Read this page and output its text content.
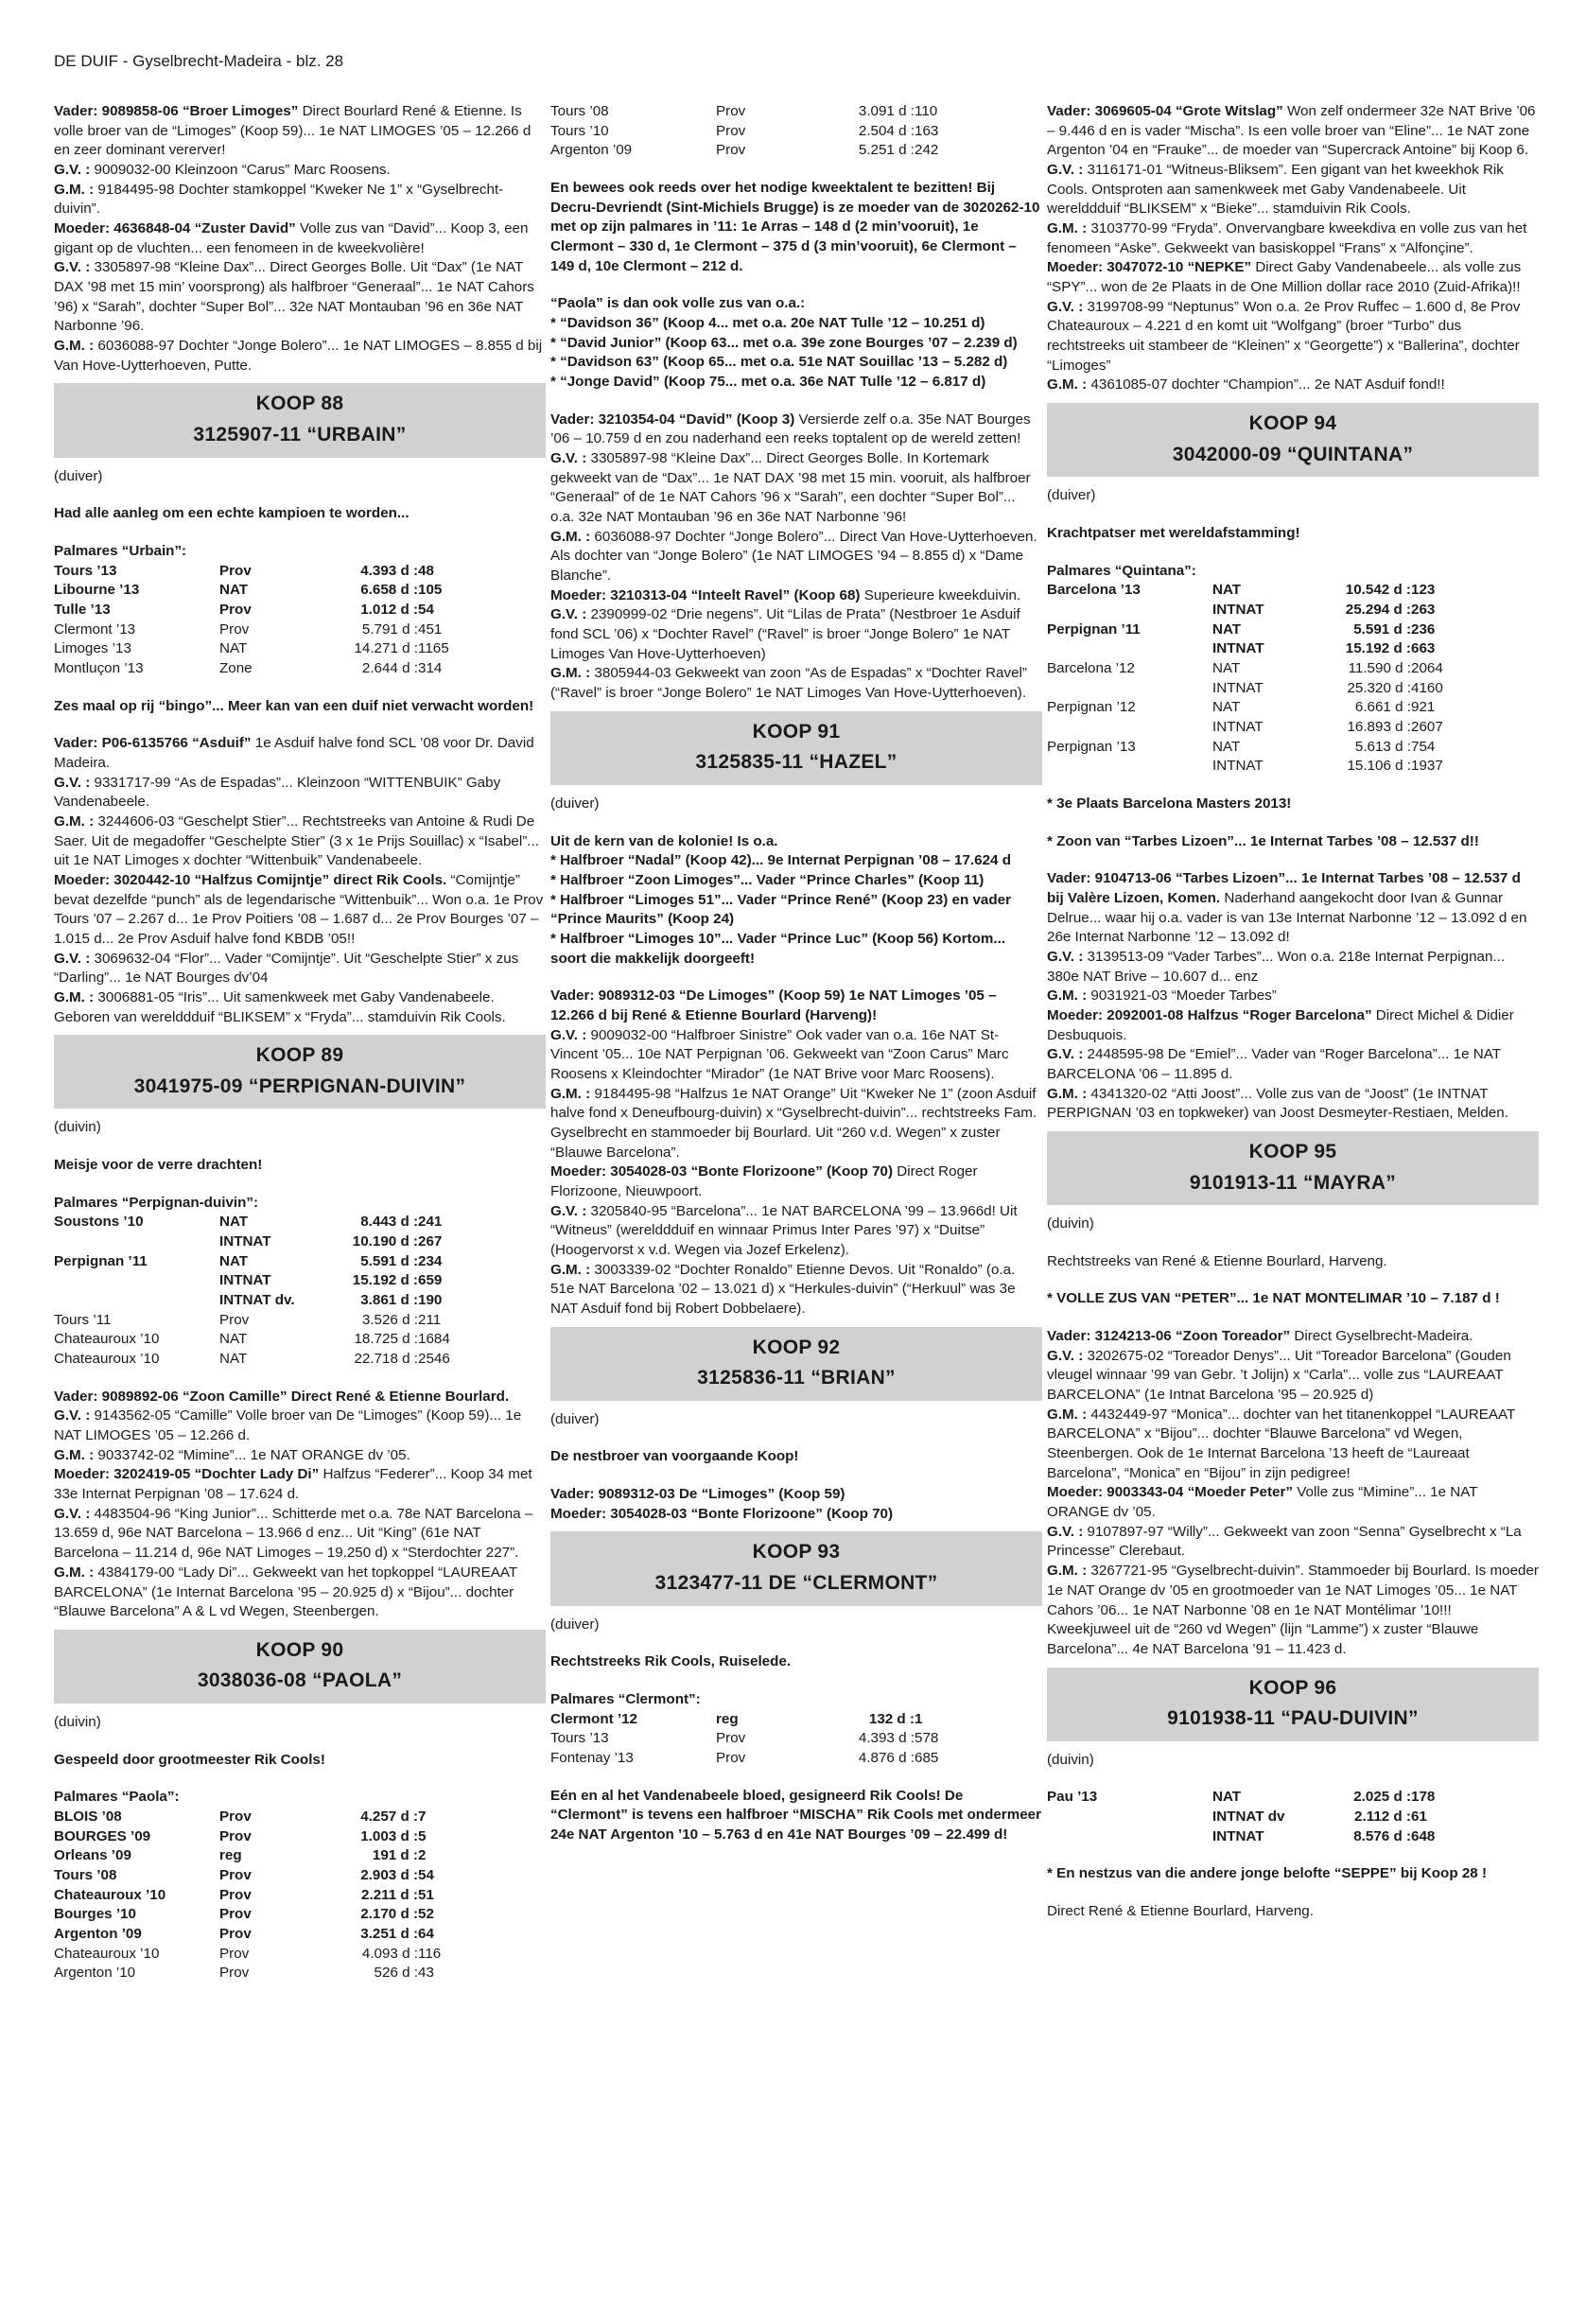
DE DUIF - Gyselbrecht-Madeira - blz. 28

Vader: 9089858-06 “Broer Limoges” Direct Bourlard René & Etienne. Is volle broer van de “Limoges” (Koop 59)... 1e NAT LIMOGES ’05 – 12.266 d en zeer dominant vererver!

G.V. : 9009032-00 Kleinzoon “Carus” Marc Roosens.

G.M. : 9184495-98 Dochter stamkoppel “Kweker Ne 1” x “Gyselbrecht-duivin”.

Moeder: 4636848-04 “Zuster David” Volle zus van “David”... Koop 3, een gigant op de vluchten... een fenomeen in de kweekvolière!

G.V. : 3305897-98 “Kleine Dax”... Direct Georges Bolle. Uit “Dax” (1e NAT DAX ’98 met 15 min’ voorsprong) als halfbroer “Generaal”... 1e NAT Cahors ’96) x “Sarah”, dochter “Super Bol”... 32e NAT Montauban ’96 en 36e NAT Narbonne ’96.

G.M. : 6036088-97 Dochter “Jonge Bolero”... 1e NAT LIMOGES – 8.855 d bij Van Hove-Uytterhoeven, Putte.

KOOP 88
3125907-11 “URBAIN”

(duiver)

Had alle aanleg om een echte kampioen te worden...

Palmares “Urbain”:

Tours ’13	Prov	4.393 d :	48
Libourne ’13	NAT	6.658 d :	105
Tulle ’13	Prov	1.012 d :	54
Clermont ’13	Prov	5.791 d :	451
Limoges ’13	NAT	14.271 d :	1165
Montluçon ’13	Zone	2.644 d :	314

Zes maal op rij “bingo”... Meer kan van een duif niet verwacht worden!

Vader: P06-6135766 “Asduif” 1e Asduif halve fond SCL ’08 voor Dr. David Madeira.

G.V. : 9331717-99 “As de Espadas”... Kleinzoon “WITTENBUIK” Gaby Vandenabeele.

G.M. : 3244606-03 “Geschelpt Stier”... Rechtstreeks van Antoine & Rudi De Saer. Uit de megadoffer “Geschelpte Stier” (3 x 1e Prijs Souillac) x “Isabel”... uit 1e NAT Limoges x dochter “Wittenbuik” Vandenabeele.

Moeder: 3020442-10 “Halfzus Comijntje” direct Rik Cools. “Comijntje” bevat dezelfde “punch” als de legendarische “Wittenbuik”... Won o.a. 1e Prov Tours ’07 – 2.267 d... 1e Prov Poitiers ’08 – 1.687 d... 2e Prov Bourges ’07 – 1.015 d... 2e Prov Asduif halve fond KBDB ’05!!

G.V. : 3069632-04 “Flor”... Vader “Comijntje”. Uit “Geschelpte Stier” x zus “Darling”... 1e NAT Bourges dv’04

G.M. : 3006881-05 “Iris”... Uit samenkweek met Gaby Vandenabeele. Geboren van werelddduif “BLIKSEM” x “Fryda”... stamduivin Rik Cools.

KOOP 89
3041975-09 “PERPIGNAN-DUIVIN”

(duivin)

Meisje voor de verre drachten!

Palmares “Perpignan-duivin”:

Soustons ’10	NAT	8.443 d :	241
	INTNAT	10.190 d :	267
Perpignan ’11	NAT	5.591 d :	234
	INTNAT	15.192 d :	659
	INTNAT dv.	3.861 d :	190
Tours ’11	Prov	3.526 d :	211
Chateauroux ’10	NAT	18.725 d :	1684
Chateauroux ’10	NAT	22.718 d :	2546

Vader: 9089892-06 “Zoon Camille” Direct René & Etienne Bourlard.

G.V. : 9143562-05 “Camille” Volle broer van De “Limoges” (Koop 59)... 1e NAT LIMOGES ’05 – 12.266 d.

G.M. : 9033742-02 “Mimine”... 1e NAT ORANGE dv ’05.

Moeder: 3202419-05 “Dochter Lady Di” Halfzus “Federer”... Koop 34 met 33e Internat Perpignan ’08 – 17.624 d.

G.V. : 4483504-96 “King Junior”... Schitterde met o.a. 78e NAT Barcelona – 13.659 d, 96e NAT Barcelona – 13.966 d enz... Uit “King” (61e NAT Barcelona – 11.214 d, 96e NAT Limoges – 19.250 d) x “Sterdochter 227”.

G.M. : 4384179-00 “Lady Di”... Gekweekt van het topkoppel “LAUREAAT BARCELONA” (1e Internat Barcelona ’95 – 20.925 d) x “Bijou”... dochter “Blauwe Barcelona” A & L vd Wegen, Steenbergen.

KOOP 90
3038036-08 “PAOLA”

(duivin)

Gespeeld door grootmeester Rik Cools!

Palmares “Paola”:

BLOIS ’08	Prov	4.257 d :	7
BOURGES ’09	Prov	1.003 d :	5
Orleans ’09	reg	191 d :	2
Tours ’08	Prov	2.903 d :	54
Chateauroux ’10	Prov	2.211 d :	51
Bourges ’10	Prov	2.170 d :	52
Argenton ’09	Prov	3.251 d :	64
Chateauroux ’10	Prov	4.093 d :	116
Argenton ’10	Prov	526 d :	43
Tours ’08	Prov	3.091 d :	110
Tours ’10	Prov	2.504 d :	163
Argenton ’09	Prov	5.251 d :	242

En bewees ook reeds over het nodige kweektalent te bezitten! Bij Decru-Devriendt (Sint-Michiels Brugge) is ze moeder van de 3020262-10 met op zijn palmares in ’11: 1e Arras – 148 d (2 min’vooruit), 1e Clermont – 330 d, 1e Clermont – 375 d (3 min’vooruit), 6e Clermont – 149 d, 10e Clermont – 212 d.

“Paola” is dan ook volle zus van o.a.:

* “Davidson 36” (Koop 4... met o.a. 20e NAT Tulle ’12 – 10.251 d)

* “David Junior” (Koop 63... met o.a. 39e zone Bourges ’07 – 2.239 d)

* “Davidson 63” (Koop 65... met o.a. 51e NAT Souillac ’13 – 5.282 d)

* “Jonge David” (Koop 75... met o.a. 36e NAT Tulle ’12 – 6.817 d)

Vader: 3210354-04 “David” (Koop 3) Versierde zelf o.a. 35e NAT Bourges ’06 – 10.759 d en zou naderhand een reeks toptalent op de wereld zetten!

G.V. : 3305897-98 “Kleine Dax”... Direct Georges Bolle. In Kortemark gekweekt van de “Dax”... 1e NAT DAX ’98 met 15 min. vooruit, als halfbroer “Generaal” of de 1e NAT Cahors ’96 x “Sarah”, een dochter “Super Bol”... o.a. 32e NAT Montauban ’96 en 36e NAT Narbonne ’96!

G.M. : 6036088-97 Dochter “Jonge Bolero”... Direct Van Hove-Uytterhoeven. Als dochter van “Jonge Bolero” (1e NAT LIMOGES ’94 – 8.855 d) x “Dame Blanche”.

Moeder: 3210313-04 “Inteelt Ravel” (Koop 68) Superieure kweekduivin.

G.V. : 2390999-02 “Drie negens”. Uit “Lilas de Prata” (Nestbroer 1e Asduif fond SCL ’06) x “Dochter Ravel” (“Ravel” is broer “Jonge Bolero” 1e NAT Limoges Van Hove-Uytterhoeven)

G.M. : 3805944-03 Gekweekt van zoon “As de Espadas” x “Dochter Ravel” (“Ravel” is broer “Jonge Bolero” 1e NAT Limoges Van Hove-Uytterhoeven).

KOOP 91
3125835-11 “HAZEL”

(duiver)

Uit de kern van de kolonie! Is o.a.

* Halfbroer “Nadal” (Koop 42)... 9e Internat Perpignan ’08 – 17.624 d

* Halfbroer “Zoon Limoges”... Vader “Prince Charles” (Koop 11)

* Halfbroer “Limoges 51”... Vader “Prince René” (Koop 23) en vader “Prince Maurits” (Koop 24)

* Halfbroer “Limoges 10”... Vader “Prince Luc” (Koop 56) Kortom... soort die makkelijk doorgeeft!

Vader: 9089312-03 “De Limoges” (Koop 59) 1e NAT Limoges ’05 – 12.266 d bij René & Etienne Bourlard (Harveng)!

G.V. : 9009032-00 “Halfbroer Sinistre” Ook vader van o.a. 16e NAT St-Vincent ’05... 10e NAT Perpignan ’06. Gekweekt van “Zoon Carus” Marc Roosens x Kleindochter “Mirador” (1e NAT Brive voor Marc Roosens).

G.M. : 9184495-98 “Halfzus 1e NAT Orange” Uit “Kweker Ne 1” (zoon Asduif halve fond x Deneufbourg-duivin) x “Gyselbrecht-duivin”... rechtstreeks Fam. Gyselbrecht en stammoeder bij Bourlard. Uit “260 v.d. Wegen” x zuster “Blauwe Barcelona”.

Moeder: 3054028-03 “Bonte Florizoone” (Koop 70) Direct Roger Florizoone, Nieuwpoort.

G.V. : 3205840-95 “Barcelona”... 1e NAT BARCELONA ’99 – 13.966d! Uit “Witneus” (werelddduif en winnaar Primus Inter Pares ’97) x “Duitse” (Hoogervorst x v.d. Wegen via Jozef Erkelenz).

G.M. : 3003339-02 “Dochter Ronaldo” Etienne Devos. Uit “Ronaldo” (o.a. 51e NAT Barcelona ’02 – 13.021 d) x “Herkules-duivin” (“Herkuul” was 3e NAT Asduif fond bij Robert Dobbelaere).

KOOP 92
3125836-11 “BRIAN”

(duiver)

De nestbroer van voorgaande Koop!

Vader: 9089312-03 De “Limoges” (Koop 59)

Moeder: 3054028-03 “Bonte Florizoone” (Koop 70)

KOOP 93
3123477-11 DE “CLERMONT”

(duiver)

Rechtstreeks Rik Cools, Ruiselede.

Palmares “Clermont”:

Clermont ’12	reg	132 d :	1
Tours ’13	Prov	4.393 d :	578
Fontenay ’13	Prov	4.876 d :	685

Eén en al het Vandenabeele bloed, gesigneerd Rik Cools! De “Clermont” is tevens een halfbroer “MISCHA” Rik Cools met ondermeer 24e NAT Argenton ’10 – 5.763 d en 41e NAT Bourges ’09 – 22.499 d!

Vader: 3069605-04 “Grote Witslag” Won zelf ondermeer 32e NAT Brive ’06 – 9.446 d en is vader “Mischa”. Is een volle broer van “Eline”... 1e NAT zone Argenton ’04 en “Frauke”... de moeder van “Supercrack Antoine” bij Koop 6.

G.V. : 3116171-01 “Witneus-Bliksem”. Een gigant van het kweekhok Rik Cools. Ontsproten aan samenkweek met Gaby Vandenabeele. Uit werelddduif “BLIKSEM” x “Bieke”... stamduivin Rik Cools.

G.M. : 3103770-99 “Fryda”. Onvervangbare kweekdiva en volle zus van het fenomeen “Aske”. Gekweekt van basiskoppel “Frans” x “Alfonçine”.

Moeder: 3047072-10 “NEPKE” Direct Gaby Vandenabeele... als volle zus “SPY”... won de 2e Plaats in de One Million dollar race 2010 (Zuid-Afrika)!!

G.V. : 3199708-99 “Neptunus” Won o.a. 2e Prov Ruffec – 1.600 d, 8e Prov Chateauroux – 4.221 d en komt uit “Wolfgang” (broer “Turbo” dus rechtstreeks uit stambeer de “Kleinen” x “Georgette”) x “Ballerina”, dochter “Limoges”

G.M. : 4361085-07 dochter “Champion”... 2e NAT Asduif fond!!

KOOP 94
3042000-09 “QUINTANA”

(duiver)

Krachtpatser met wereldafstamming!

Palmares “Quintana”:

Barcelona ’13	NAT	10.542 d :	123
	INTNAT	25.294 d :	263
Perpignan ’11	NAT	5.591 d :	236
	INTNAT	15.192 d :	663
Barcelona ’12	NAT	11.590 d :	2064
	INTNAT	25.320 d :	4160
Perpignan ’12	NAT	6.661 d :	921
	INTNAT	16.893 d :	2607
Perpignan ’13	NAT	5.613 d :	754
	INTNAT	15.106 d :	1937

* 3e Plaats Barcelona Masters 2013!

* Zoon van “Tarbes Lizoen”... 1e Internat Tarbes ’08 – 12.537 d!!

Vader: 9104713-06 “Tarbes Lizoen”... 1e Internat Tarbes ’08 – 12.537 d bij Valère Lizoen, Komen. Naderhand aangekocht door Ivan & Gunnar Delrue... waar hij o.a. vader is van 13e Internat Narbonne ’12 – 13.092 d en 26e Internat Narbonne ’12 – 13.092 d!

G.V. : 3139513-09 “Vader Tarbes”... Won o.a. 218e Internat Perpignan... 380e NAT Brive – 10.607 d... enz

G.M. : 9031921-03 “Moeder Tarbes”

Moeder: 2092001-08 Halfzus “Roger Barcelona” Direct Michel & Didier Desbuquois.

G.V. : 2448595-98 De “Emiel”... Vader van “Roger Barcelona”... 1e NAT BARCELONA ’06 – 11.895 d.

G.M. : 4341320-02 “Atti Joost”... Volle zus van de “Joost” (1e INTNAT PERPIGNAN ’03 en topkweker) van Joost Desmeyter-Restiaen, Melden.

KOOP 95
9101913-11 “MAYRA”

(duivin)

Rechtstreeks van René & Etienne Bourlard, Harveng.

* VOLLE ZUS VAN “PETER”... 1e NAT MONTELIMAR ’10 – 7.187 d !

Vader: 3124213-06 “Zoon Toreador” Direct Gyselbrecht-Madeira.

G.V. : 3202675-02 “Toreador Denys”... Uit “Toreador Barcelona” (Gouden vleugel winnaar ’99 van Gebr. ’t Jolijn) x “Carla”... volle zus “LAUREAAT BARCELONA” (1e Intnat Barcelona ’95 – 20.925 d)

G.M. : 4432449-97 “Monica”... dochter van het titanenkoppel “LAUREAAT BARCELONA” x “Bijou”... dochter “Blauwe Barcelona” vd Wegen, Steenbergen. Ook de 1e Internat Barcelona ’13 heeft de “Laureaat Barcelona”, “Monica” en “Bijou” in zijn pedigree!

Moeder: 9003343-04 “Moeder Peter” Volle zus “Mimine”... 1e NAT ORANGE dv ’05.

G.V. : 9107897-97 “Willy”... Gekweekt van zoon “Senna” Gyselbrecht x “La Princesse” Clerebaut.

G.M. : 3267721-95 “Gyselbrecht-duivin”. Stammoeder bij Bourlard. Is moeder 1e NAT Orange dv ’05 en grootmoeder van 1e NAT Limoges ’05... 1e NAT Cahors ’06... 1e NAT Narbonne ’08 en 1e NAT Montélimar ’10!!! Kweekjuweel uit de “260 vd Wegen” (lijn “Lamme”) x zuster “Blauwe Barcelona”... 4e NAT Barcelona ’91 – 11.423 d.

KOOP 96
9101938-11 “PAU-DUIVIN”

(duivin)

Pau ’13	NAT	2.025 d :	178
	INTNAT dv	2.112 d :	61
	INTNAT	8.576 d :	648

* En nestzus van die andere jonge belofte “SEPPE” bij Koop 28 !

Direct René & Etienne Bourlard, Harveng.
